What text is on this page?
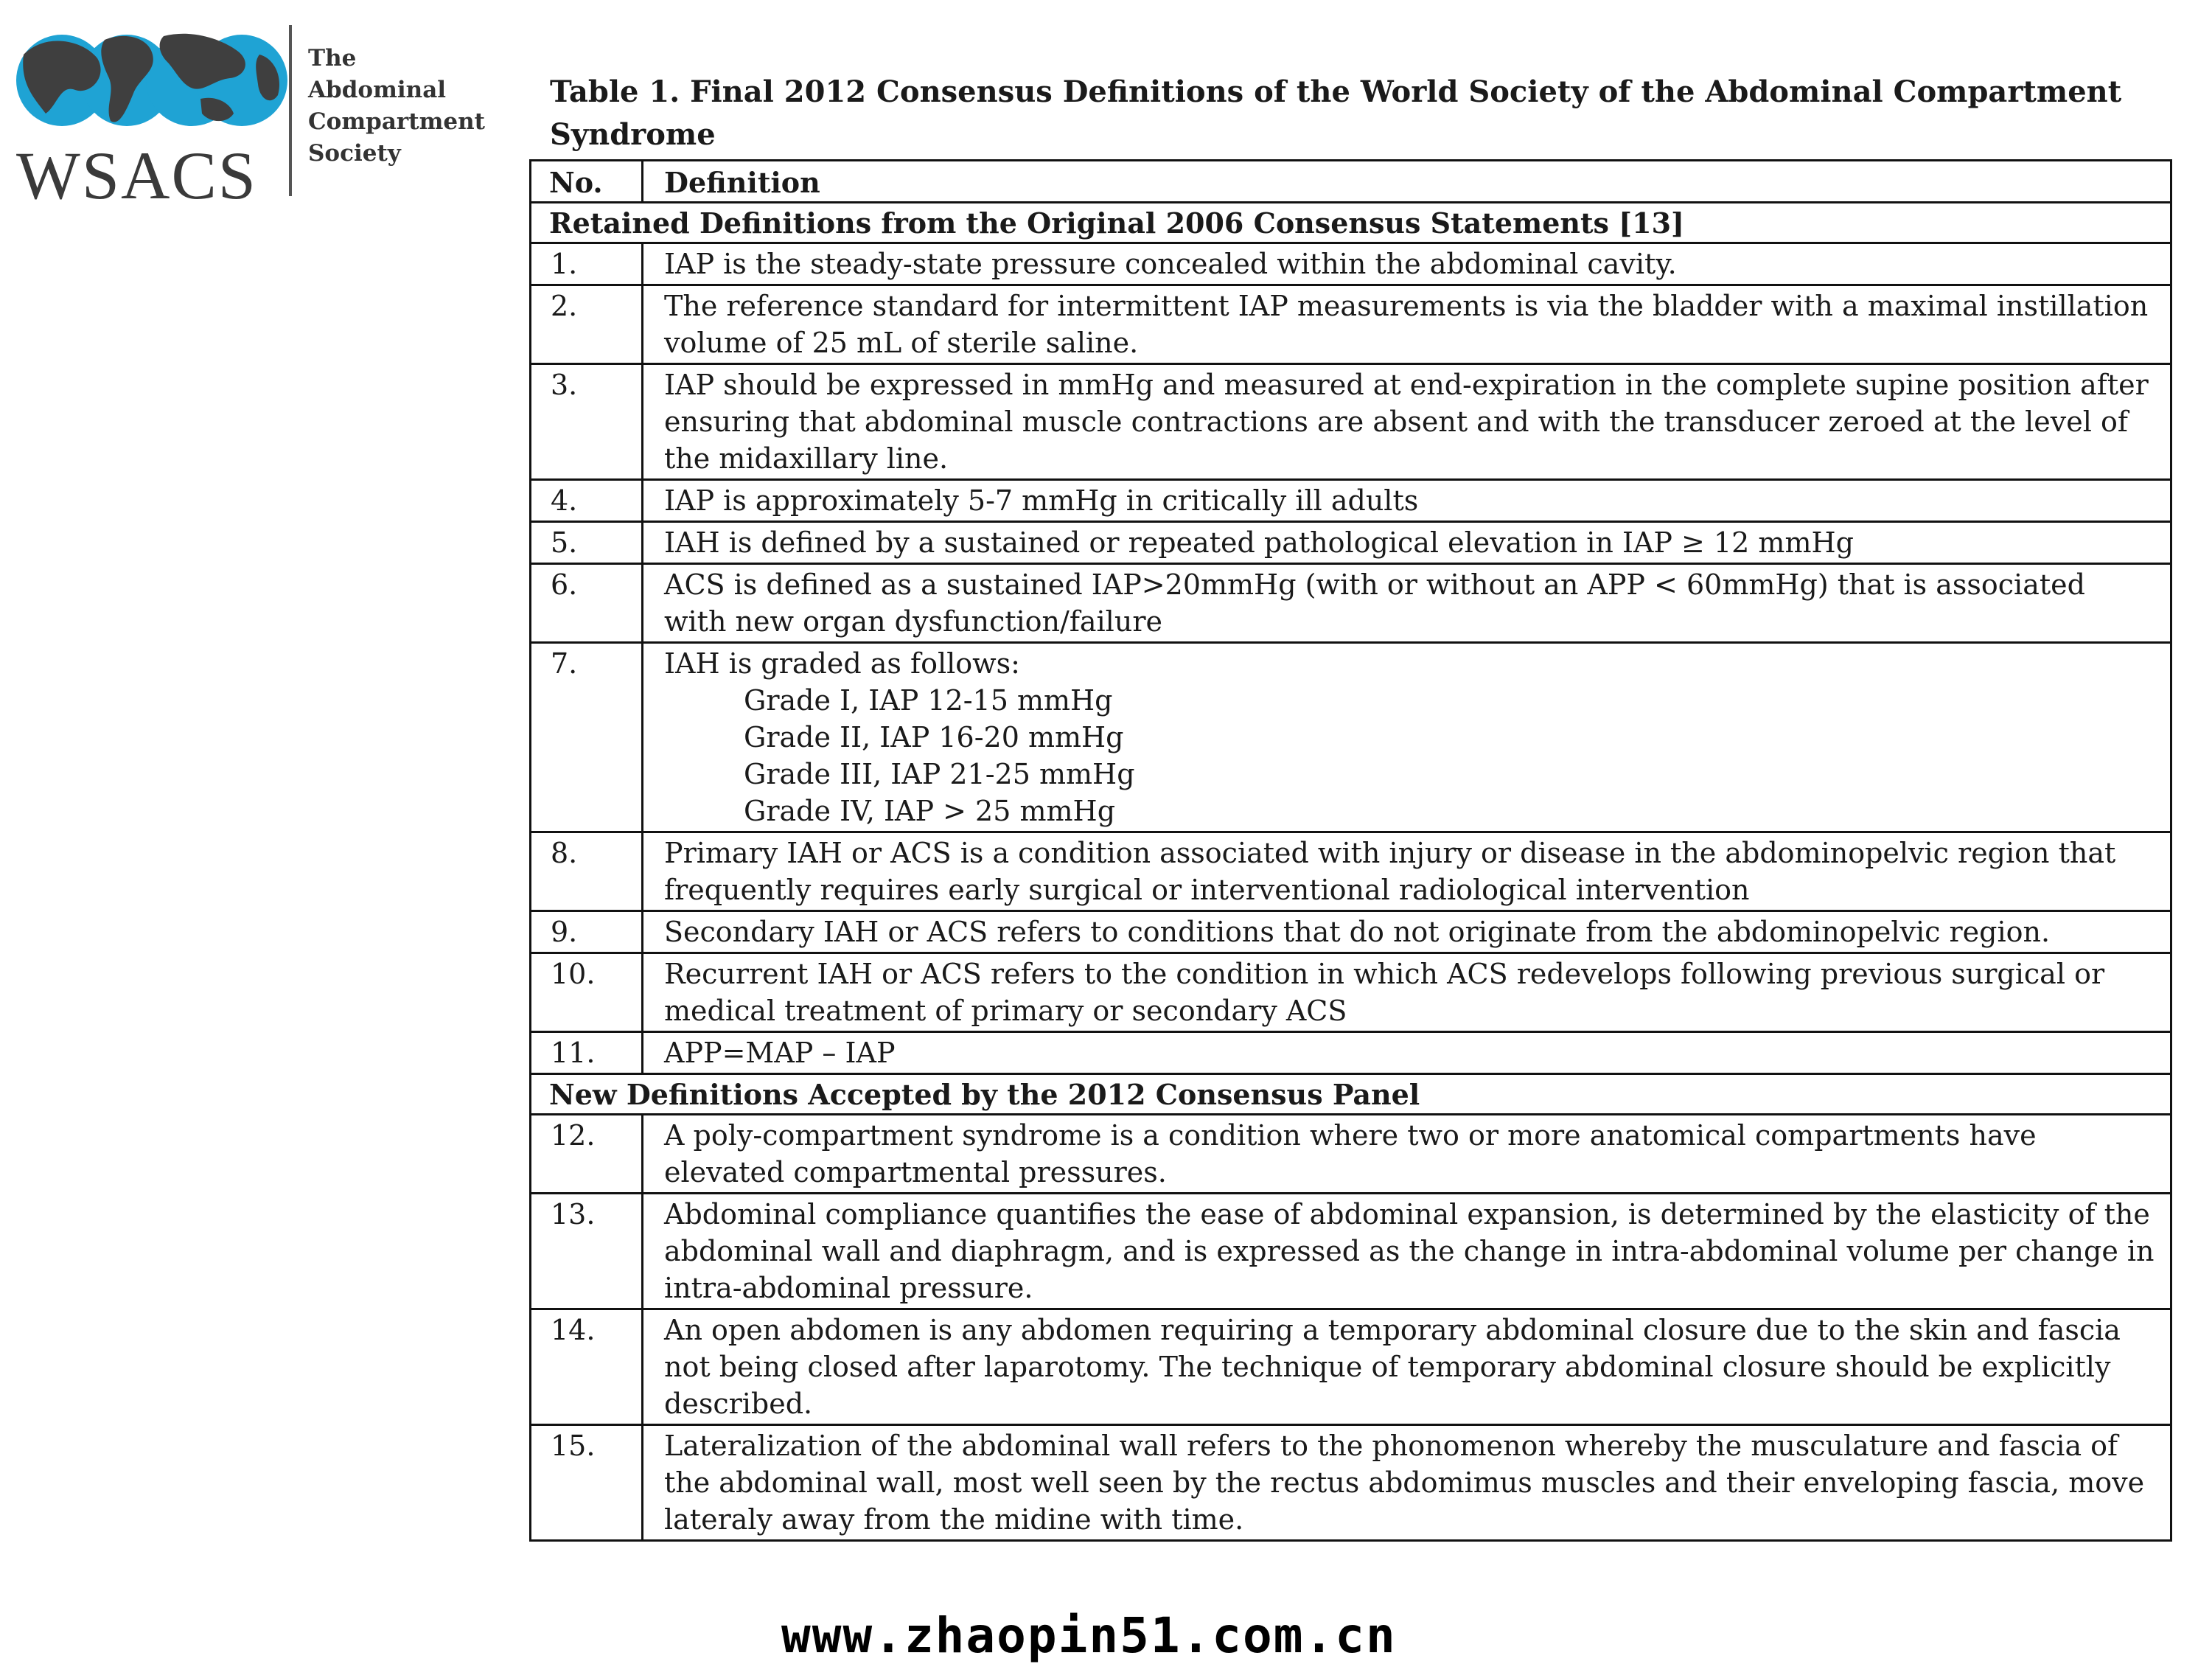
WSACS
The
Abdominal
Compartment
Society
Table 1. Final 2012 Consensus Definitions of the World Society of the Abdominal Compartment Syndrome
No.	Definition
Retained Definitions from the Original 2006 Consensus Statements [13]	
1.	IAP is the steady-state pressure concealed within the abdominal cavity.

2.	The reference standard for intermittent IAP measurements is via the bladder with a maximal instillation volume of 25 mL of sterile saline.

3.	IAP should be expressed in mmHg and measured at end-expiration in the complete supine position after ensuring that abdominal muscle contractions are absent and with the transducer zeroed at the level of the midaxillary line.

4.	IAP is approximately 5-7 mmHg in critically ill adults

5.	IAH is defined by a sustained or repeated pathological elevation in IAP ≥ 12 mmHg

6.	ACS is defined as a sustained IAP>20mmHg (with or without an APP < 60mmHg) that is associated with new organ dysfunction/failure

7.	IAH is graded as follows:
Grade I, IAP 12-15 mmHg
Grade II, IAP 16-20 mmHg
Grade III, IAP 21-25 mmHg
Grade IV, IAP > 25 mmHg

8.	Primary IAH or ACS is a condition associated with injury or disease in the abdominopelvic region that frequently requires early surgical or interventional radiological intervention

9.	Secondary IAH or ACS refers to conditions that do not originate from the abdominopelvic region.

10.	Recurrent IAH or ACS refers to the condition in which ACS redevelops following previous surgical or medical treatment of primary or secondary ACS

11.	APP=MAP – IAP

New Definitions Accepted by the 2012 Consensus Panel	
12.	A poly-compartment syndrome is a condition where two or more anatomical compartments have elevated compartmental pressures.

13.	Abdominal compliance quantifies the ease of abdominal expansion, is determined by the elasticity of the abdominal wall and diaphragm, and is expressed as the change in intra-abdominal volume per change in intra-abdominal pressure.

14.	An open abdomen is any abdomen requiring a temporary abdominal closure due to the skin and fascia not being closed after laparotomy. The technique of temporary abdominal closure should be explicitly described.

15.	Lateralization of the abdominal wall refers to the phonomenon whereby the musculature and fascia of the abdominal wall, most well seen by the rectus abdomimus muscles and their enveloping fascia, move lateraly away from the midine with time.
www.zhaopin51.com.cn
